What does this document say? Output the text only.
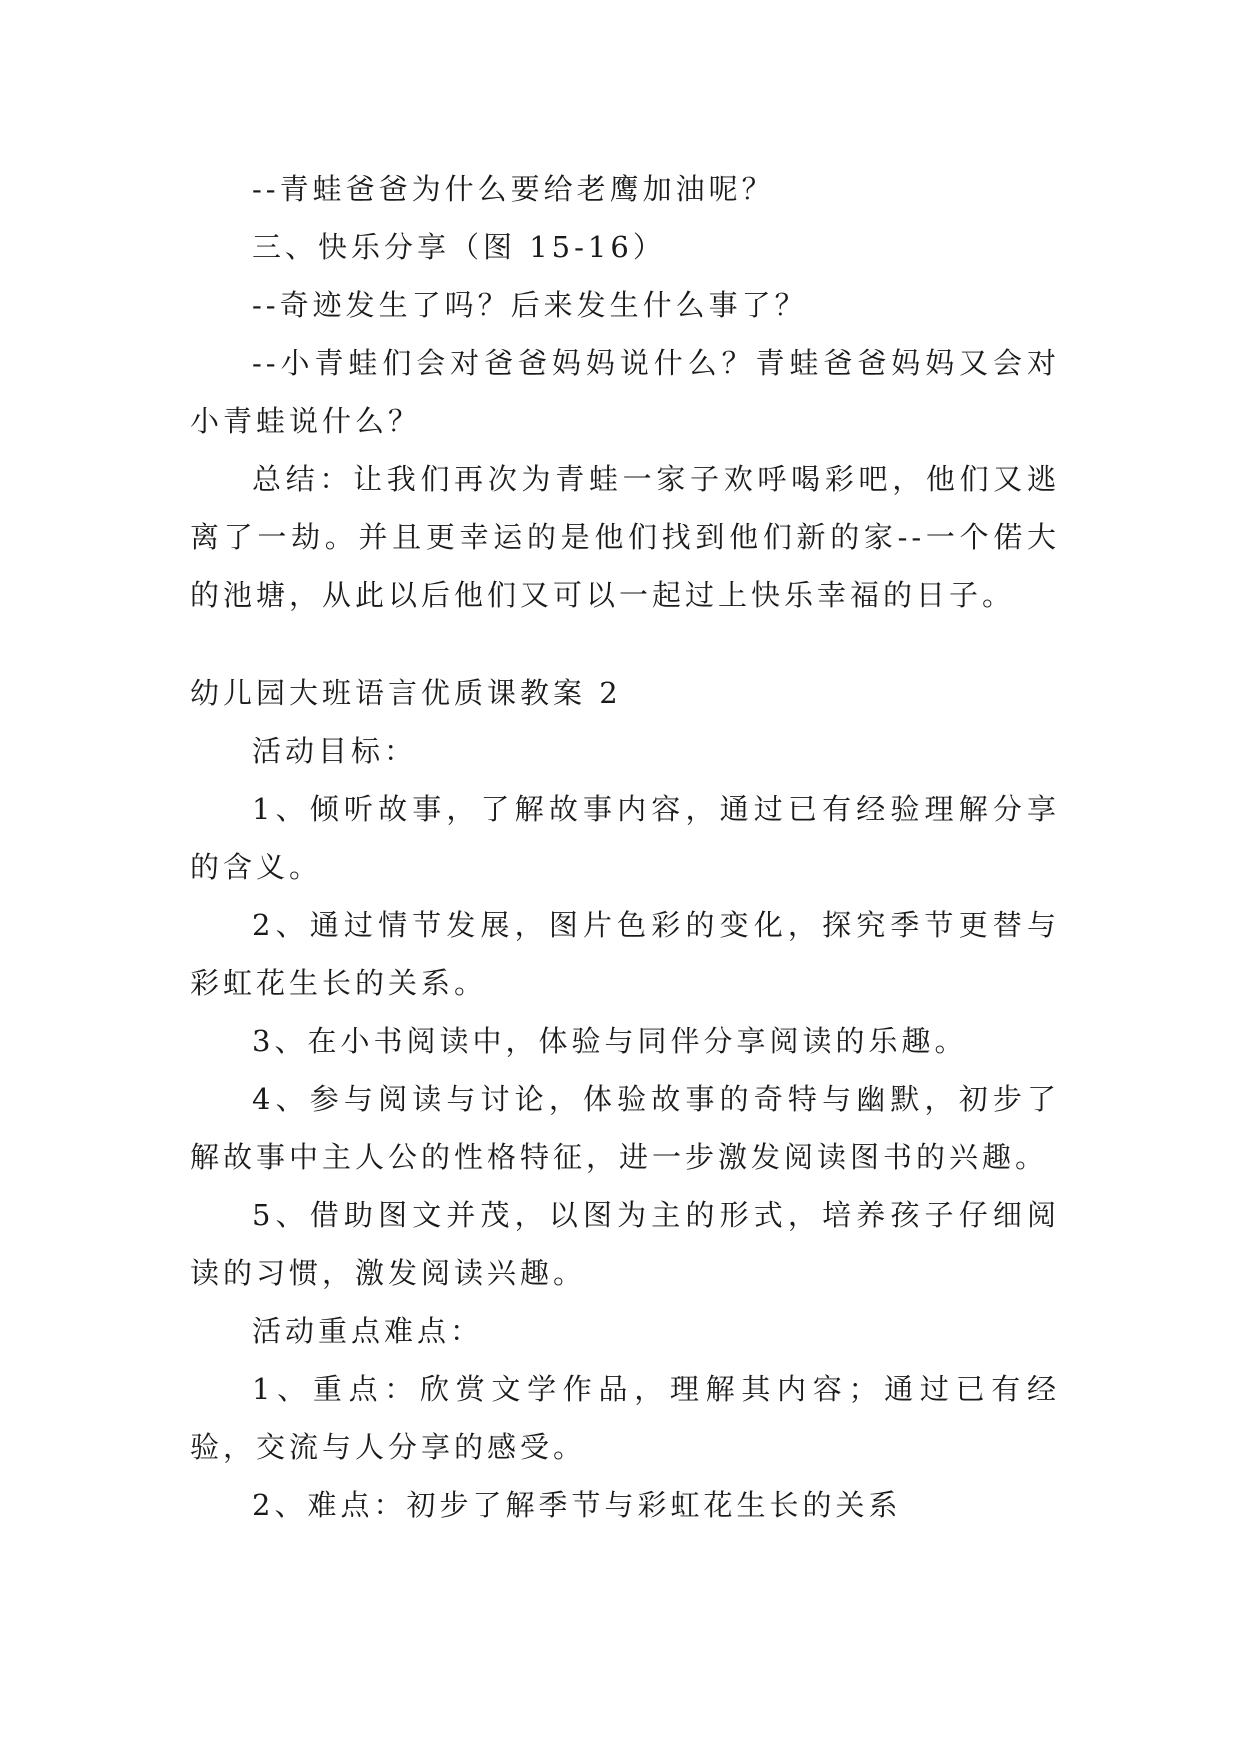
--青蛙爸爸为什么要给老鹰加油呢？

三、快乐分享（图 15-16）

--奇迹发生了吗？后来发生什么事了？

--小青蛙们会对爸爸妈妈说什么？青蛙爸爸妈妈又会对小青蛙说什么？

总结：让我们再次为青蛙一家子欢呼喝彩吧，他们又逃离了一劫。并且更幸运的是他们找到他们新的家--一个偌大的池塘，从此以后他们又可以一起过上快乐幸福的日子。

幼儿园大班语言优质课教案 2

活动目标：

1、倾听故事，了解故事内容，通过已有经验理解分享的含义。

2、通过情节发展，图片色彩的变化，探究季节更替与彩虹花生长的关系。

3、在小书阅读中，体验与同伴分享阅读的乐趣。

4、参与阅读与讨论，体验故事的奇特与幽默，初步了解故事中主人公的性格特征，进一步激发阅读图书的兴趣。

5、借助图文并茂，以图为主的形式，培养孩子仔细阅读的习惯，激发阅读兴趣。

活动重点难点：

1、重点：欣赏文学作品，理解其内容；通过已有经验，交流与人分享的感受。

2、难点：初步了解季节与彩虹花生长的关系
